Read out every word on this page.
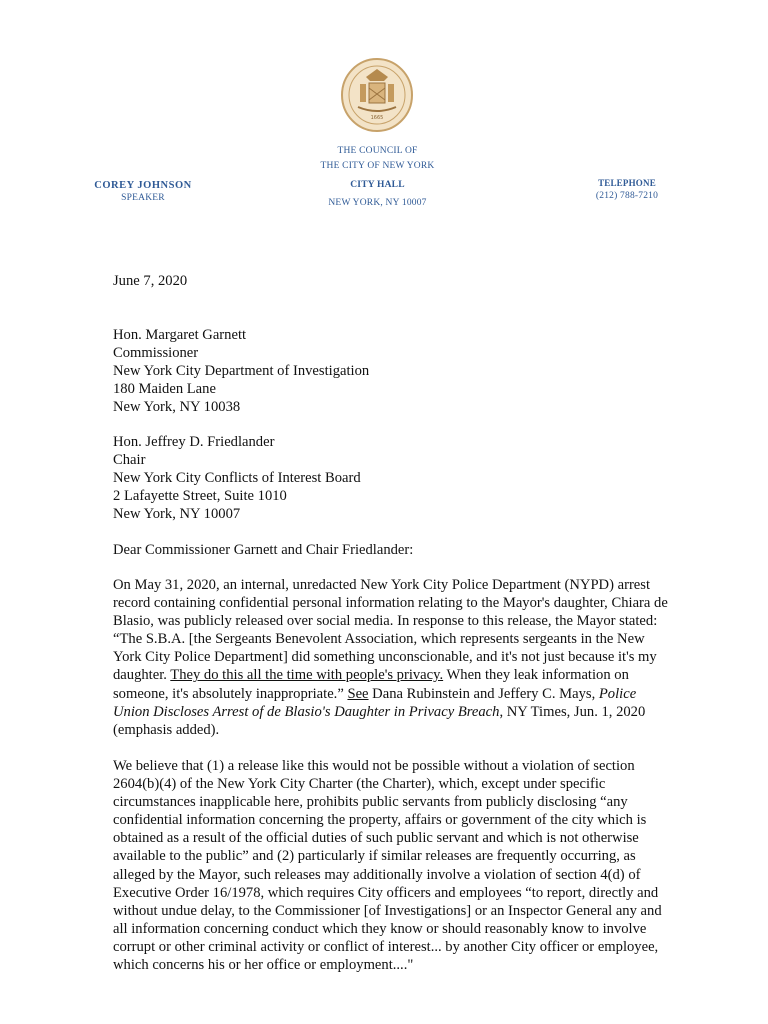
1665
THE COUNCIL OF
THE CITY OF NEW YORK
CITY HALL
NEW YORK, NY 10007
COREY JOHNSON
SPEAKER
TELEPHONE
(212) 788-7210
June 7, 2020
Hon. Margaret Garnett
Commissioner
New York City Department of Investigation
180 Maiden Lane
New York, NY 10038
Hon. Jeffrey D. Friedlander
Chair
New York City Conflicts of Interest Board
2 Lafayette Street, Suite 1010
New York, NY 10007
Dear Commissioner Garnett and Chair Friedlander:

On May 31, 2020, an internal, unredacted New York City Police Department (NYPD) arrest record containing confidential personal information relating to the Mayor's daughter, Chiara de Blasio, was publicly released over social media. In response to this release, the Mayor stated: “The S.B.A. [the Sergeants Benevolent Association, which represents sergeants in the New York City Police Department] did something unconscionable, and it's not just because it's my daughter. They do this all the time with people's privacy. When they leak information on someone, it's absolutely inappropriate.” See Dana Rubinstein and Jeffery C. Mays, Police Union Discloses Arrest of de Blasio's Daughter in Privacy Breach, NY Times, Jun. 1, 2020 (emphasis added).

We believe that (1) a release like this would not be possible without a violation of section 2604(b)(4) of the New York City Charter (the Charter), which, except under specific circumstances inapplicable here, prohibits public servants from publicly disclosing “any confidential information concerning the property, affairs or government of the city which is obtained as a result of the official duties of such public servant and which is not otherwise available to the public” and (2) particularly if similar releases are frequently occurring, as alleged by the Mayor, such releases may additionally involve a violation of section 4(d) of Executive Order 16/1978, which requires City officers and employees “to report, directly and without undue delay, to the Commissioner [of Investigations] or an Inspector General any and all information concerning conduct which they know or should reasonably know to involve corrupt or other criminal activity or conflict of interest... by another City officer or employee, which concerns his or her office or employment...."
